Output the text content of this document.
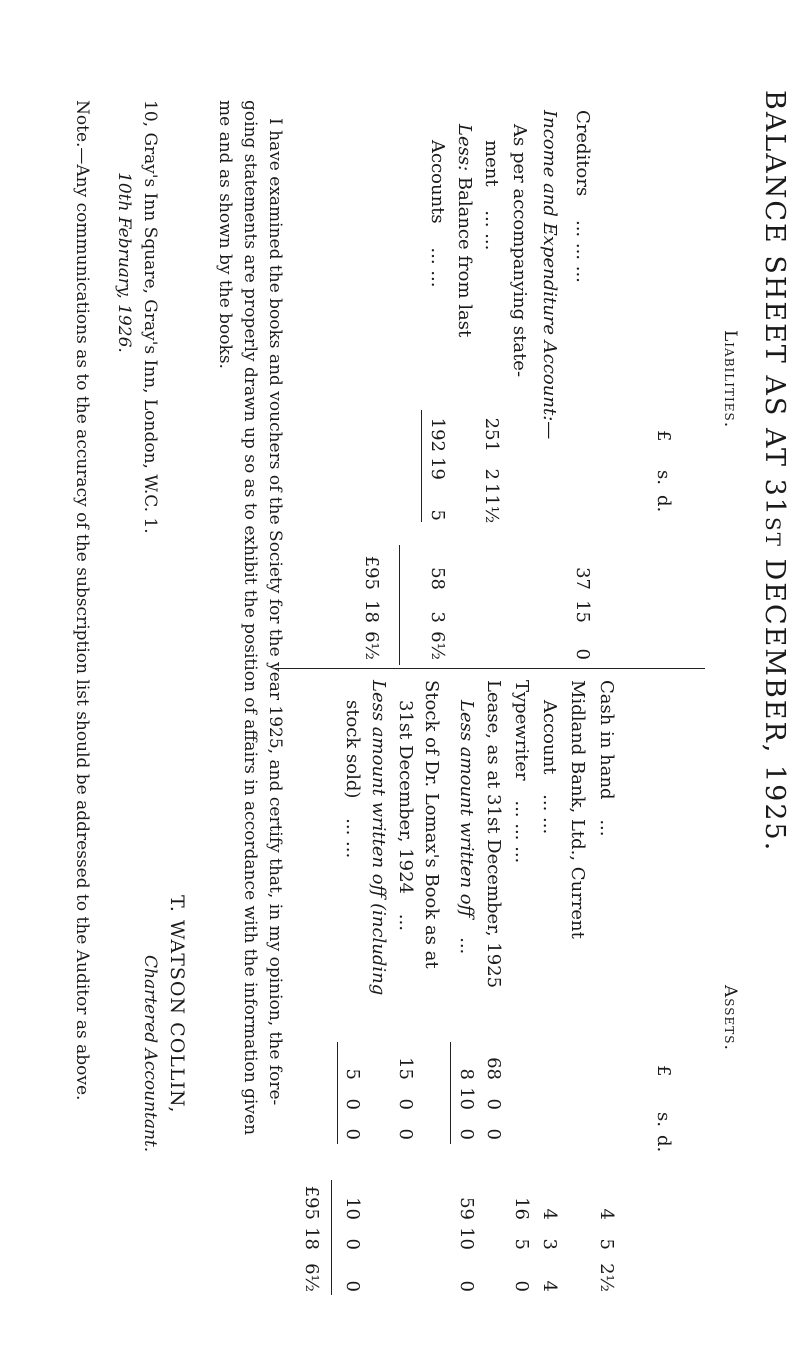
BALANCE SHEET AS AT 31ST DECEMBER, 1925.
Liabilities.
£
s.
d.
Creditors ... ... ...
37
15
0
Income and Expenditure Account:—
As per accompanying state-
ment ... ...
251
2
11½
Less: Balance from last
Accounts ... ...
192
19
5
58
3
6½
£95
18
6½
Assets.
£
s.
d.
Cash in hand ...
4
5
2½
Midland Bank, Ltd., Current
Account ... ...
4
3
4
Typewriter ... ... ...
16
5
0
Lease, as at 31st December, 1925
68
0
0
Less amount written off ...
8
10
0
59
10
0
Stock of Dr. Lomax's Book as at
31st December, 1924 ...
15
0
0
Less amount written off (including
stock sold) ... ...
5
0
0
10
0
0
£95
18
6½
I have examined the books and vouchers of the Society for the year 1925, and certify that, in my opinion, the fore-
going statements are properly drawn up so as to exhibit the position of affairs in accordance with the information given
me and as shown by the books.
T. WATSON COLLIN,
Chartered Accountant.
10, Gray's Inn Square, Gray's Inn, London, W.C. 1.
10th February, 1926.
Note.—Any communications as to the accuracy of the subscription list should be addressed to the Auditor as above.
